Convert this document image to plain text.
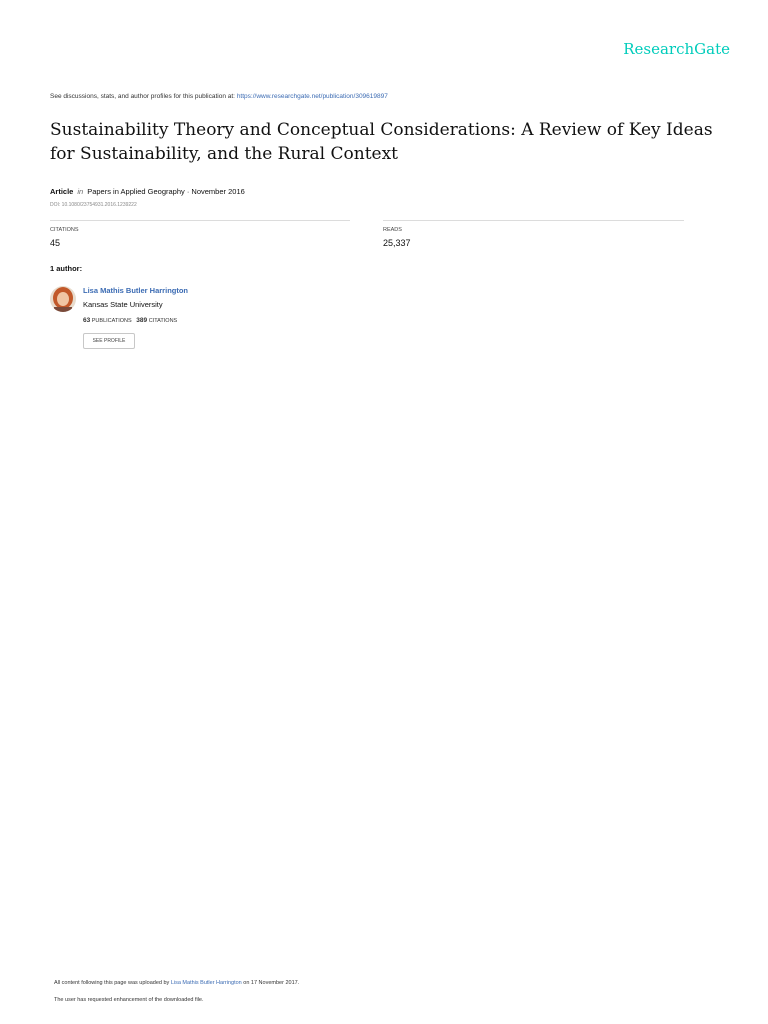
ResearchGate
See discussions, stats, and author profiles for this publication at: https://www.researchgate.net/publication/309619897
Sustainability Theory and Conceptual Considerations: A Review of Key Ideas for Sustainability, and the Rural Context
Article in Papers in Applied Geography · November 2016
DOI: 10.1080/23754931.2016.1239222
CITATIONS
45
READS
25,337
1 author:
Lisa Mathis Butler Harrington
Kansas State University
63 PUBLICATIONS 389 CITATIONS
SEE PROFILE
All content following this page was uploaded by Lisa Mathis Butler Harrington on 17 November 2017.
The user has requested enhancement of the downloaded file.
